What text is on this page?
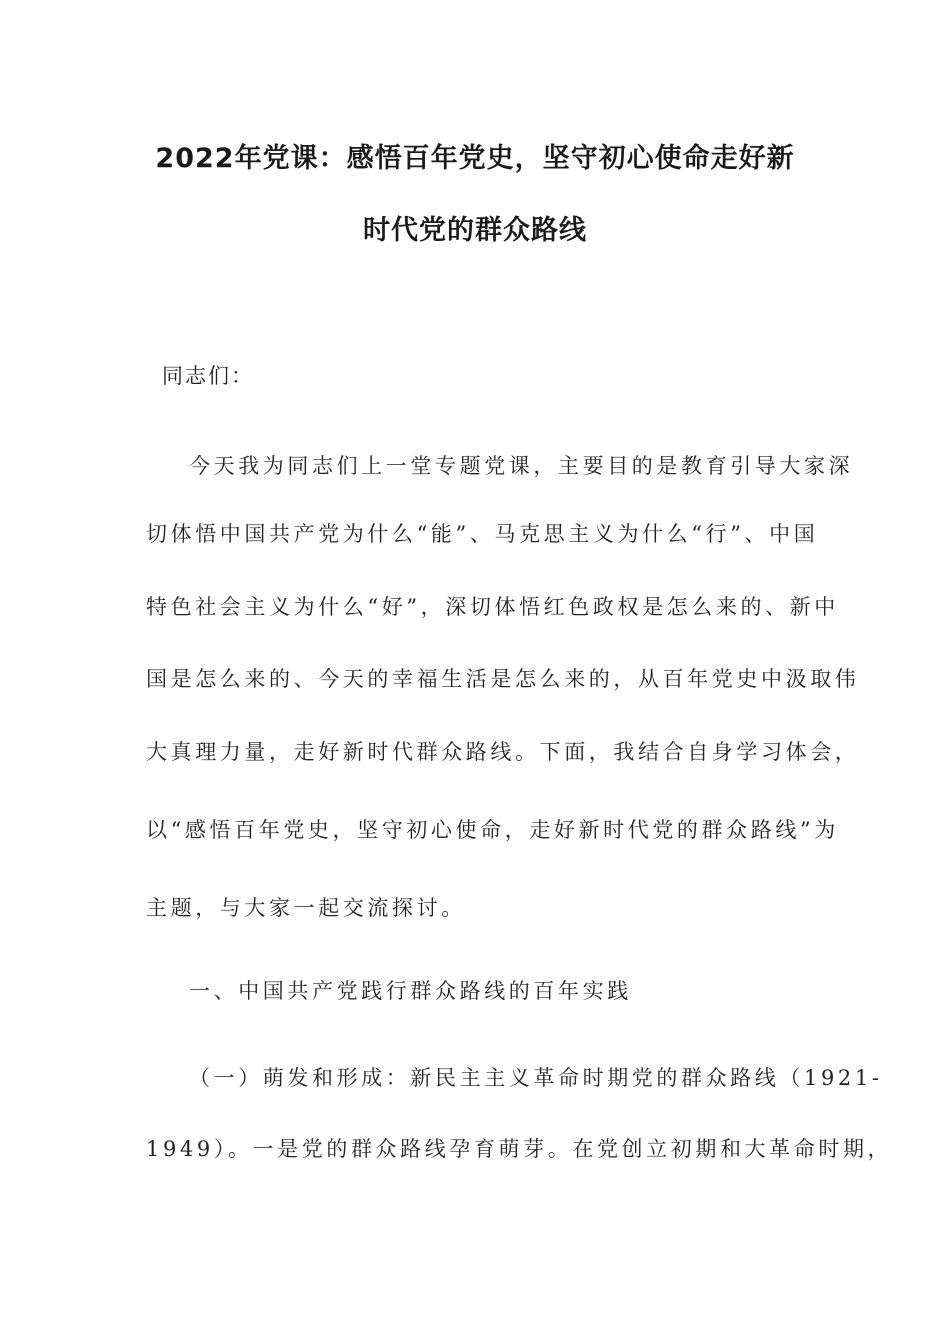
2022年党课：感悟百年党史，坚守初心使命走好新
时代党的群众路线
同志们：
今天我为同志们上一堂专题党课，主要目的是教育引导大家深
切体悟中国共产党为什么“能”、马克思主义为什么“行”、中国
特色社会主义为什么“好”，深切体悟红色政权是怎么来的、新中
国是怎么来的、今天的幸福生活是怎么来的，从百年党史中汲取伟
大真理力量，走好新时代群众路线。下面，我结合自身学习体会，
以“感悟百年党史，坚守初心使命，走好新时代党的群众路线”为
主题，与大家一起交流探讨。
一、中国共产党践行群众路线的百年实践
（一）萌发和形成：新民主主义革命时期党的群众路线（1921-
1949）。一是党的群众路线孕育萌芽。在党创立初期和大革命时期，
